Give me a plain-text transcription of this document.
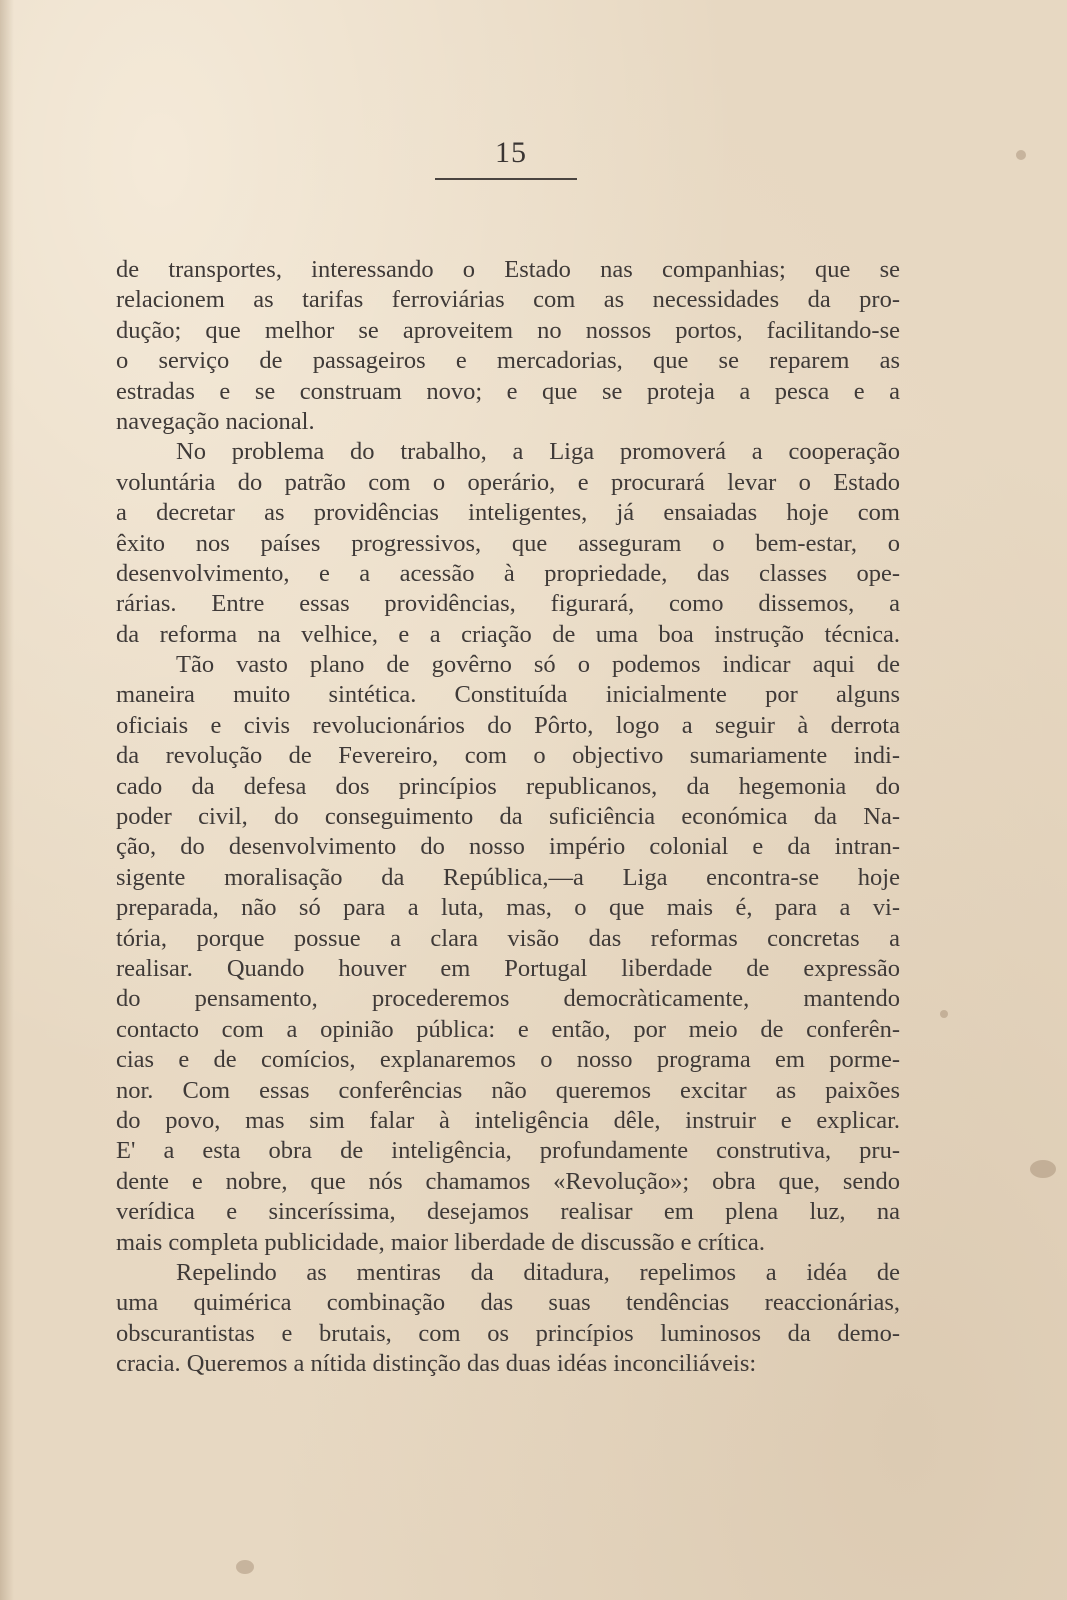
15
de transportes, interessando o Estado nas companhias; que se
relacionem as tarifas ferroviárias com as necessidades da pro-
dução; que melhor se aproveitem no nossos portos, facilitando-se
o serviço de passageiros e mercadorias, que se reparem as
estradas e se construam novo; e que se proteja a pesca e a
navegação nacional.
No problema do trabalho, a Liga promoverá a cooperação
voluntária do patrão com o operário, e procurará levar o Estado
a decretar as providências inteligentes, já ensaiadas hoje com
êxito nos países progressivos, que asseguram o bem-estar, o
desenvolvimento, e a acessão à propriedade, das classes ope-
rárias. Entre essas providências, figurará, como dissemos, a
da reforma na velhice, e a criação de uma boa instrução técnica.
Tão vasto plano de govêrno só o podemos indicar aqui de
maneira muito sintética. Constituída inicialmente por alguns
oficiais e civis revolucionários do Pôrto, logo a seguir à derrota
da revolução de Fevereiro, com o objectivo sumariamente indi-
cado da defesa dos princípios republicanos, da hegemonia do
poder civil, do conseguimento da suficiência económica da Na-
ção, do desenvolvimento do nosso império colonial e da intran-
sigente moralisação da República,—a Liga encontra-se hoje
preparada, não só para a luta, mas, o que mais é, para a vi-
tória, porque possue a clara visão das reformas concretas a
realisar. Quando houver em Portugal liberdade de expressão
do pensamento, procederemos democràticamente, mantendo
contacto com a opinião pública: e então, por meio de conferên-
cias e de comícios, explanaremos o nosso programa em porme-
nor. Com essas conferências não queremos excitar as paixões
do povo, mas sim falar à inteligência dêle, instruir e explicar.
E' a esta obra de inteligência, profundamente construtiva, pru-
dente e nobre, que nós chamamos «Revolução»; obra que, sendo
verídica e sinceríssima, desejamos realisar em plena luz, na
mais completa publicidade, maior liberdade de discussão e crítica.
Repelindo as mentiras da ditadura, repelimos a idéa de
uma quimérica combinação das suas tendências reaccionárias,
obscurantistas e brutais, com os princípios luminosos da demo-
cracia. Queremos a nítida distinção das duas idéas inconciliáveis:
